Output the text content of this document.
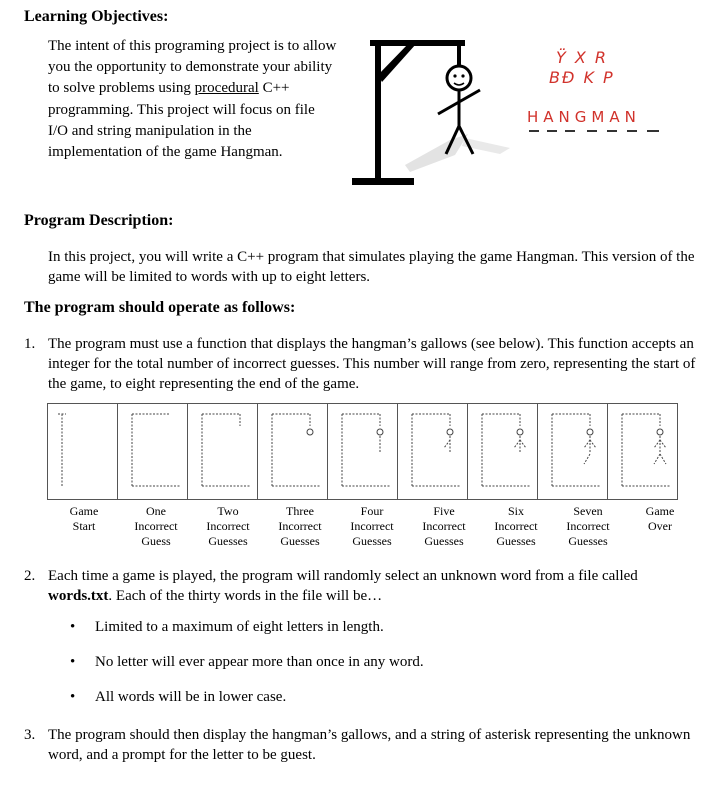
Learning Objectives:
The intent of this programing project is to allow you the opportunity to demonstrate your ability to solve problems using procedural C++ programming. This project will focus on file I/O and string manipulation in the implementation of the game Hangman.
Ÿ X R
BÐ K P
HANGMAN
Program Description:
In this project, you will write a C++ program that simulates playing the game Hangman. This version of the game will be limited to words with up to eight letters.
The program should operate as follows:
1. The program must use a function that displays the hangman’s gallows (see below). This function accepts an integer for the total number of incorrect guesses. This number will range from zero, representing the start of the game, to eight representing the end of the game.

Game
Start
One
Incorrect
Guess
Two
Incorrect
Guesses
Three
Incorrect
Guesses
Four
Incorrect
Guesses
Five
Incorrect
Guesses
Six
Incorrect
Guesses
Seven
Incorrect
Guesses
Game
Over
2. Each time a game is played, the program will randomly select an unknown word from a file called words.txt. Each of the thirty words in the file will be…
• Limited to a maximum of eight letters in length.
• No letter will ever appear more than once in any word.
• All words will be in lower case.
3. The program should then display the hangman’s gallows, and a string of asterisk representing the unknown word, and a prompt for the letter to be guest.
